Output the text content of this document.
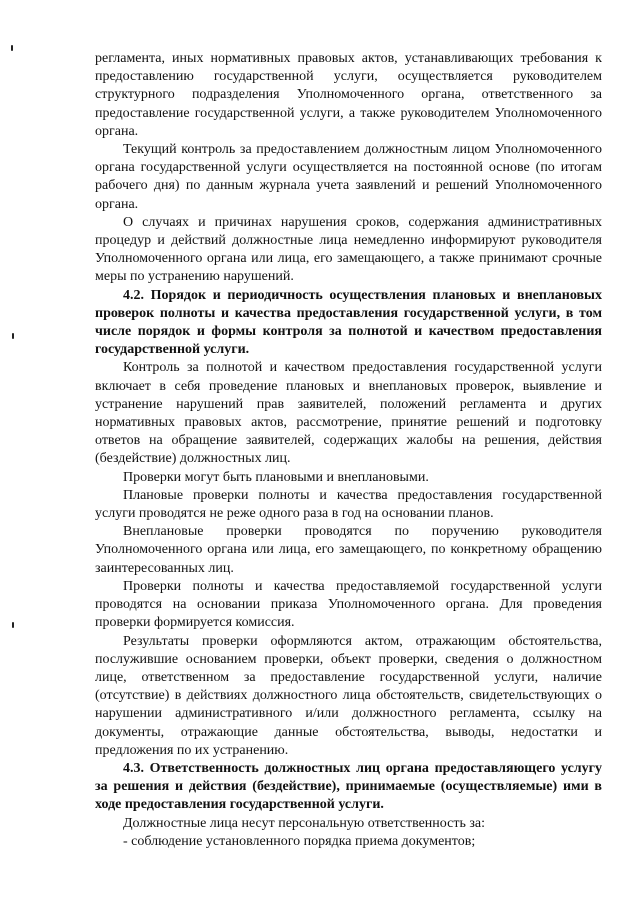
регламента, иных нормативных правовых актов, устанавливающих требования к предоставлению государственной услуги, осуществляется руководителем структурного подразделения Уполномоченного органа, ответственного за предоставление государственной услуги, а также руководителем Уполномоченного органа.

Текущий контроль за предоставлением должностным лицом Уполномоченного органа государственной услуги осуществляется на постоянной основе (по итогам рабочего дня) по данным журнала учета заявлений и решений Уполномоченного органа.

О случаях и причинах нарушения сроков, содержания административных процедур и действий должностные лица немедленно информируют руководителя Уполномоченного органа или лица, его замещающего, а также принимают срочные меры по устранению нарушений.

4.2. Порядок и периодичность осуществления плановых и внеплановых проверок полноты и качества предоставления государственной услуги, в том числе порядок и формы контроля за полнотой и качеством предоставления государственной услуги.

Контроль за полнотой и качеством предоставления государственной услуги включает в себя проведение плановых и внеплановых проверок, выявление и устранение нарушений прав заявителей, положений регламента и других нормативных правовых актов, рассмотрение, принятие решений и подготовку ответов на обращение заявителей, содержащих жалобы на решения, действия (бездействие) должностных лиц.

Проверки могут быть плановыми и внеплановыми.

Плановые проверки полноты и качества предоставления государственной услуги проводятся не реже одного раза в год на основании планов.

Внеплановые проверки проводятся по поручению руководителя Уполномоченного органа или лица, его замещающего, по конкретному обращению заинтересованных лиц.

Проверки полноты и качества предоставляемой государственной услуги проводятся на основании приказа Уполномоченного органа. Для проведения проверки формируется комиссия.

Результаты проверки оформляются актом, отражающим обстоятельства, послужившие основанием проверки, объект проверки, сведения о должностном лице, ответственном за предоставление государственной услуги, наличие (отсутствие) в действиях должностного лица обстоятельств, свидетельствующих о нарушении административного и/или должностного регламента, ссылку на документы, отражающие данные обстоятельства, выводы, недостатки и предложения по их устранению.

4.3. Ответственность должностных лиц органа предоставляющего услугу за решения и действия (бездействие), принимаемые (осуществляемые) ими в ходе предоставления государственной услуги.

Должностные лица несут персональную ответственность за:

- соблюдение установленного порядка приема документов;
